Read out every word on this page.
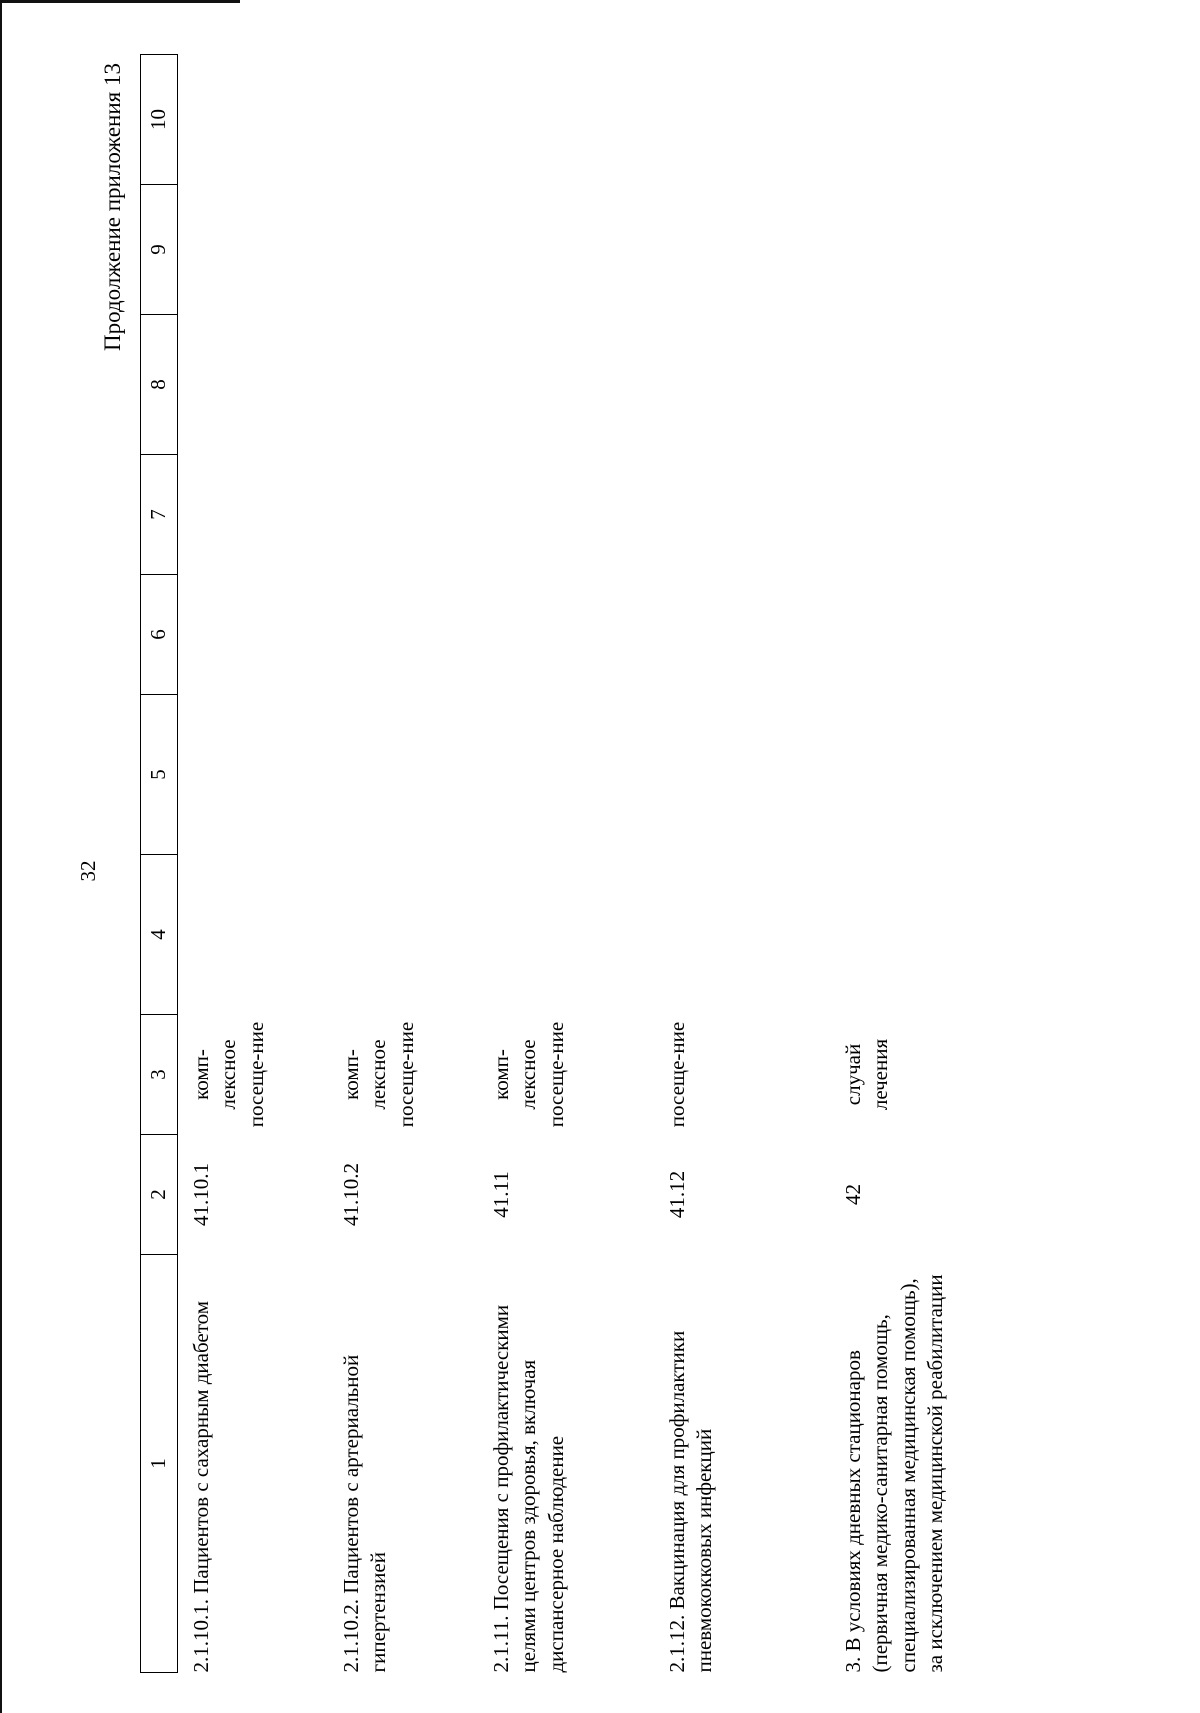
32
Продолжение приложения 13
1	2	3	4	5	6	7	8	9	10
2.1.10.1. Пациентов с сахарным диабетом	41.10.1	комп-лексное посеще-ние							
2.1.10.2. Пациентов с артериальной гипертензией	41.10.2	комп-лексное посеще-ние							
2.1.11. Посещения с профилактическими целями центров здоровья, включая диспансерное наблюдение	41.11	комп-лексное посеще-ние							
2.1.12. Вакцинация для профилактики пневмококковых инфекций	41.12	посеще-ние							
3. В условиях дневных стационаров (первичная медико-санитарная помощь, специализированная медицинская помощь), за исключением медицинской реабилитации	42	случай лечения							
